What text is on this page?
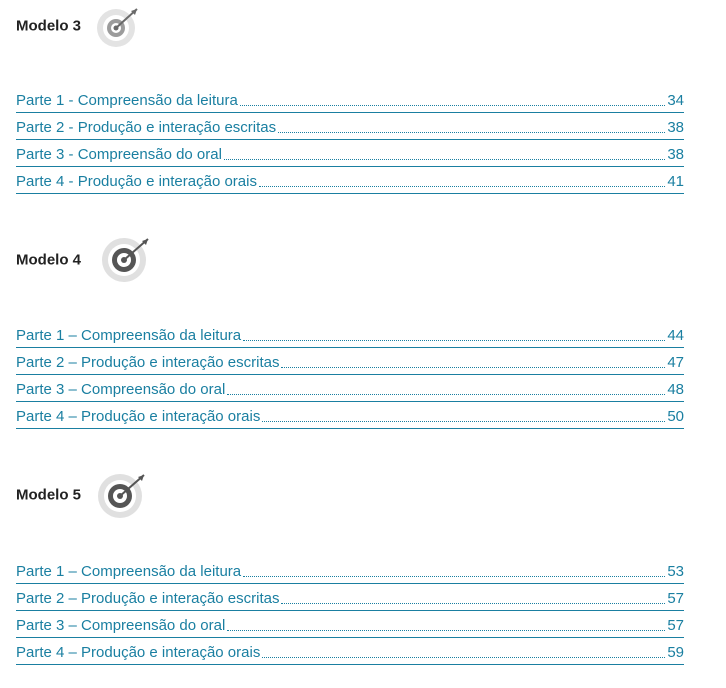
Modelo 3
Parte 1 - Compreensão da leitura	34
Parte 2 - Produção e interação escritas	38
Parte 3 - Compreensão do oral	38
Parte 4 - Produção e interação orais	41
Modelo 4
Parte 1 – Compreensão da leitura	44
Parte 2 – Produção e interação escritas	47
Parte 3 – Compreensão do oral	48
Parte 4 – Produção e interação orais	50
Modelo 5
Parte 1 – Compreensão da leitura	53
Parte 2 – Produção e interação escritas	57
Parte 3 – Compreensão do oral	57
Parte 4 – Produção e interação orais	59
